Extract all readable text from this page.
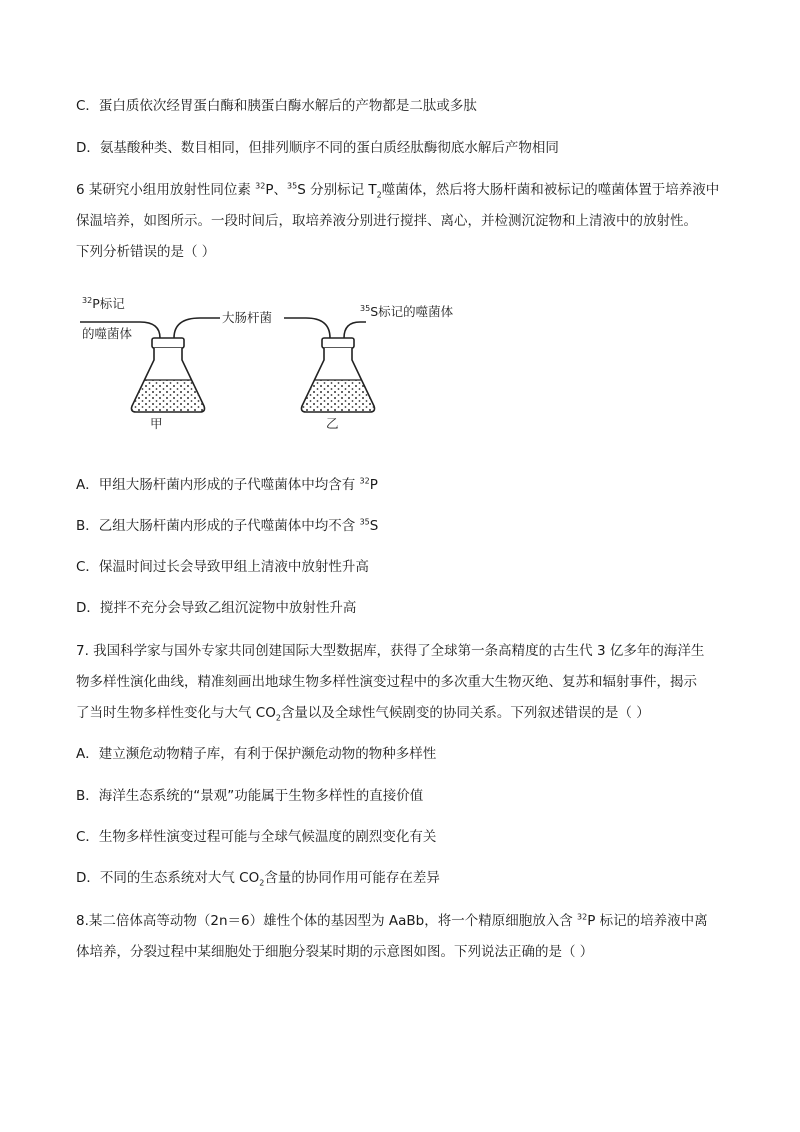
C．蛋白质依次经胃蛋白酶和胰蛋白酶水解后的产物都是二肽或多肽
D．氨基酸种类、数目相同，但排列顺序不同的蛋白质经肽酶彻底水解后产物相同
6 某研究小组用放射性同位素 $^{32}$P、$^{35}$S 分别标记 $T_2$噬菌体，然后将大肠杆菌和被标记的噬菌体置于培养液中
保温培养，如图所示。一段时间后，取培养液分别进行搅拌、离心，并检测沉淀物和上清液中的放射性。
下列分析错误的是（ ）
$^{32}$P标记
的噬菌体
大肠杆菌
$^{35}$S标记的噬菌体
甲	乙
A．甲组大肠杆菌内形成的子代噬菌体中均含有 $^{32}$P
B．乙组大肠杆菌内形成的子代噬菌体中均不含 $^{35}$S
C．保温时间过长会导致甲组上清液中放射性升高
D．搅拌不充分会导致乙组沉淀物中放射性升高
7. 我国科学家与国外专家共同创建国际大型数据库，获得了全球第一条高精度的古生代 3 亿多年的海洋生
物多样性演化曲线，精准刻画出地球生物多样性演变过程中的多次重大生物灭绝、复苏和辐射事件，揭示
了当时生物多样性变化与大气 $CO_2$含量以及全球性气候剧变的协同关系。下列叙述错误的是（ ）
A．建立濒危动物精子库，有利于保护濒危动物的物种多样性
B．海洋生态系统的“景观”功能属于生物多样性的直接价值
C．生物多样性演变过程可能与全球气候温度的剧烈变化有关
D．不同的生态系统对大气 $CO_2$含量的协同作用可能存在差异
8.某二倍体高等动物（2n＝6）雄性个体的基因型为 AaBb，将一个精原细胞放入含 $^{32}$P 标记的培养液中离
体培养，分裂过程中某细胞处于细胞分裂某时期的示意图如图。下列说法正确的是（ ）
